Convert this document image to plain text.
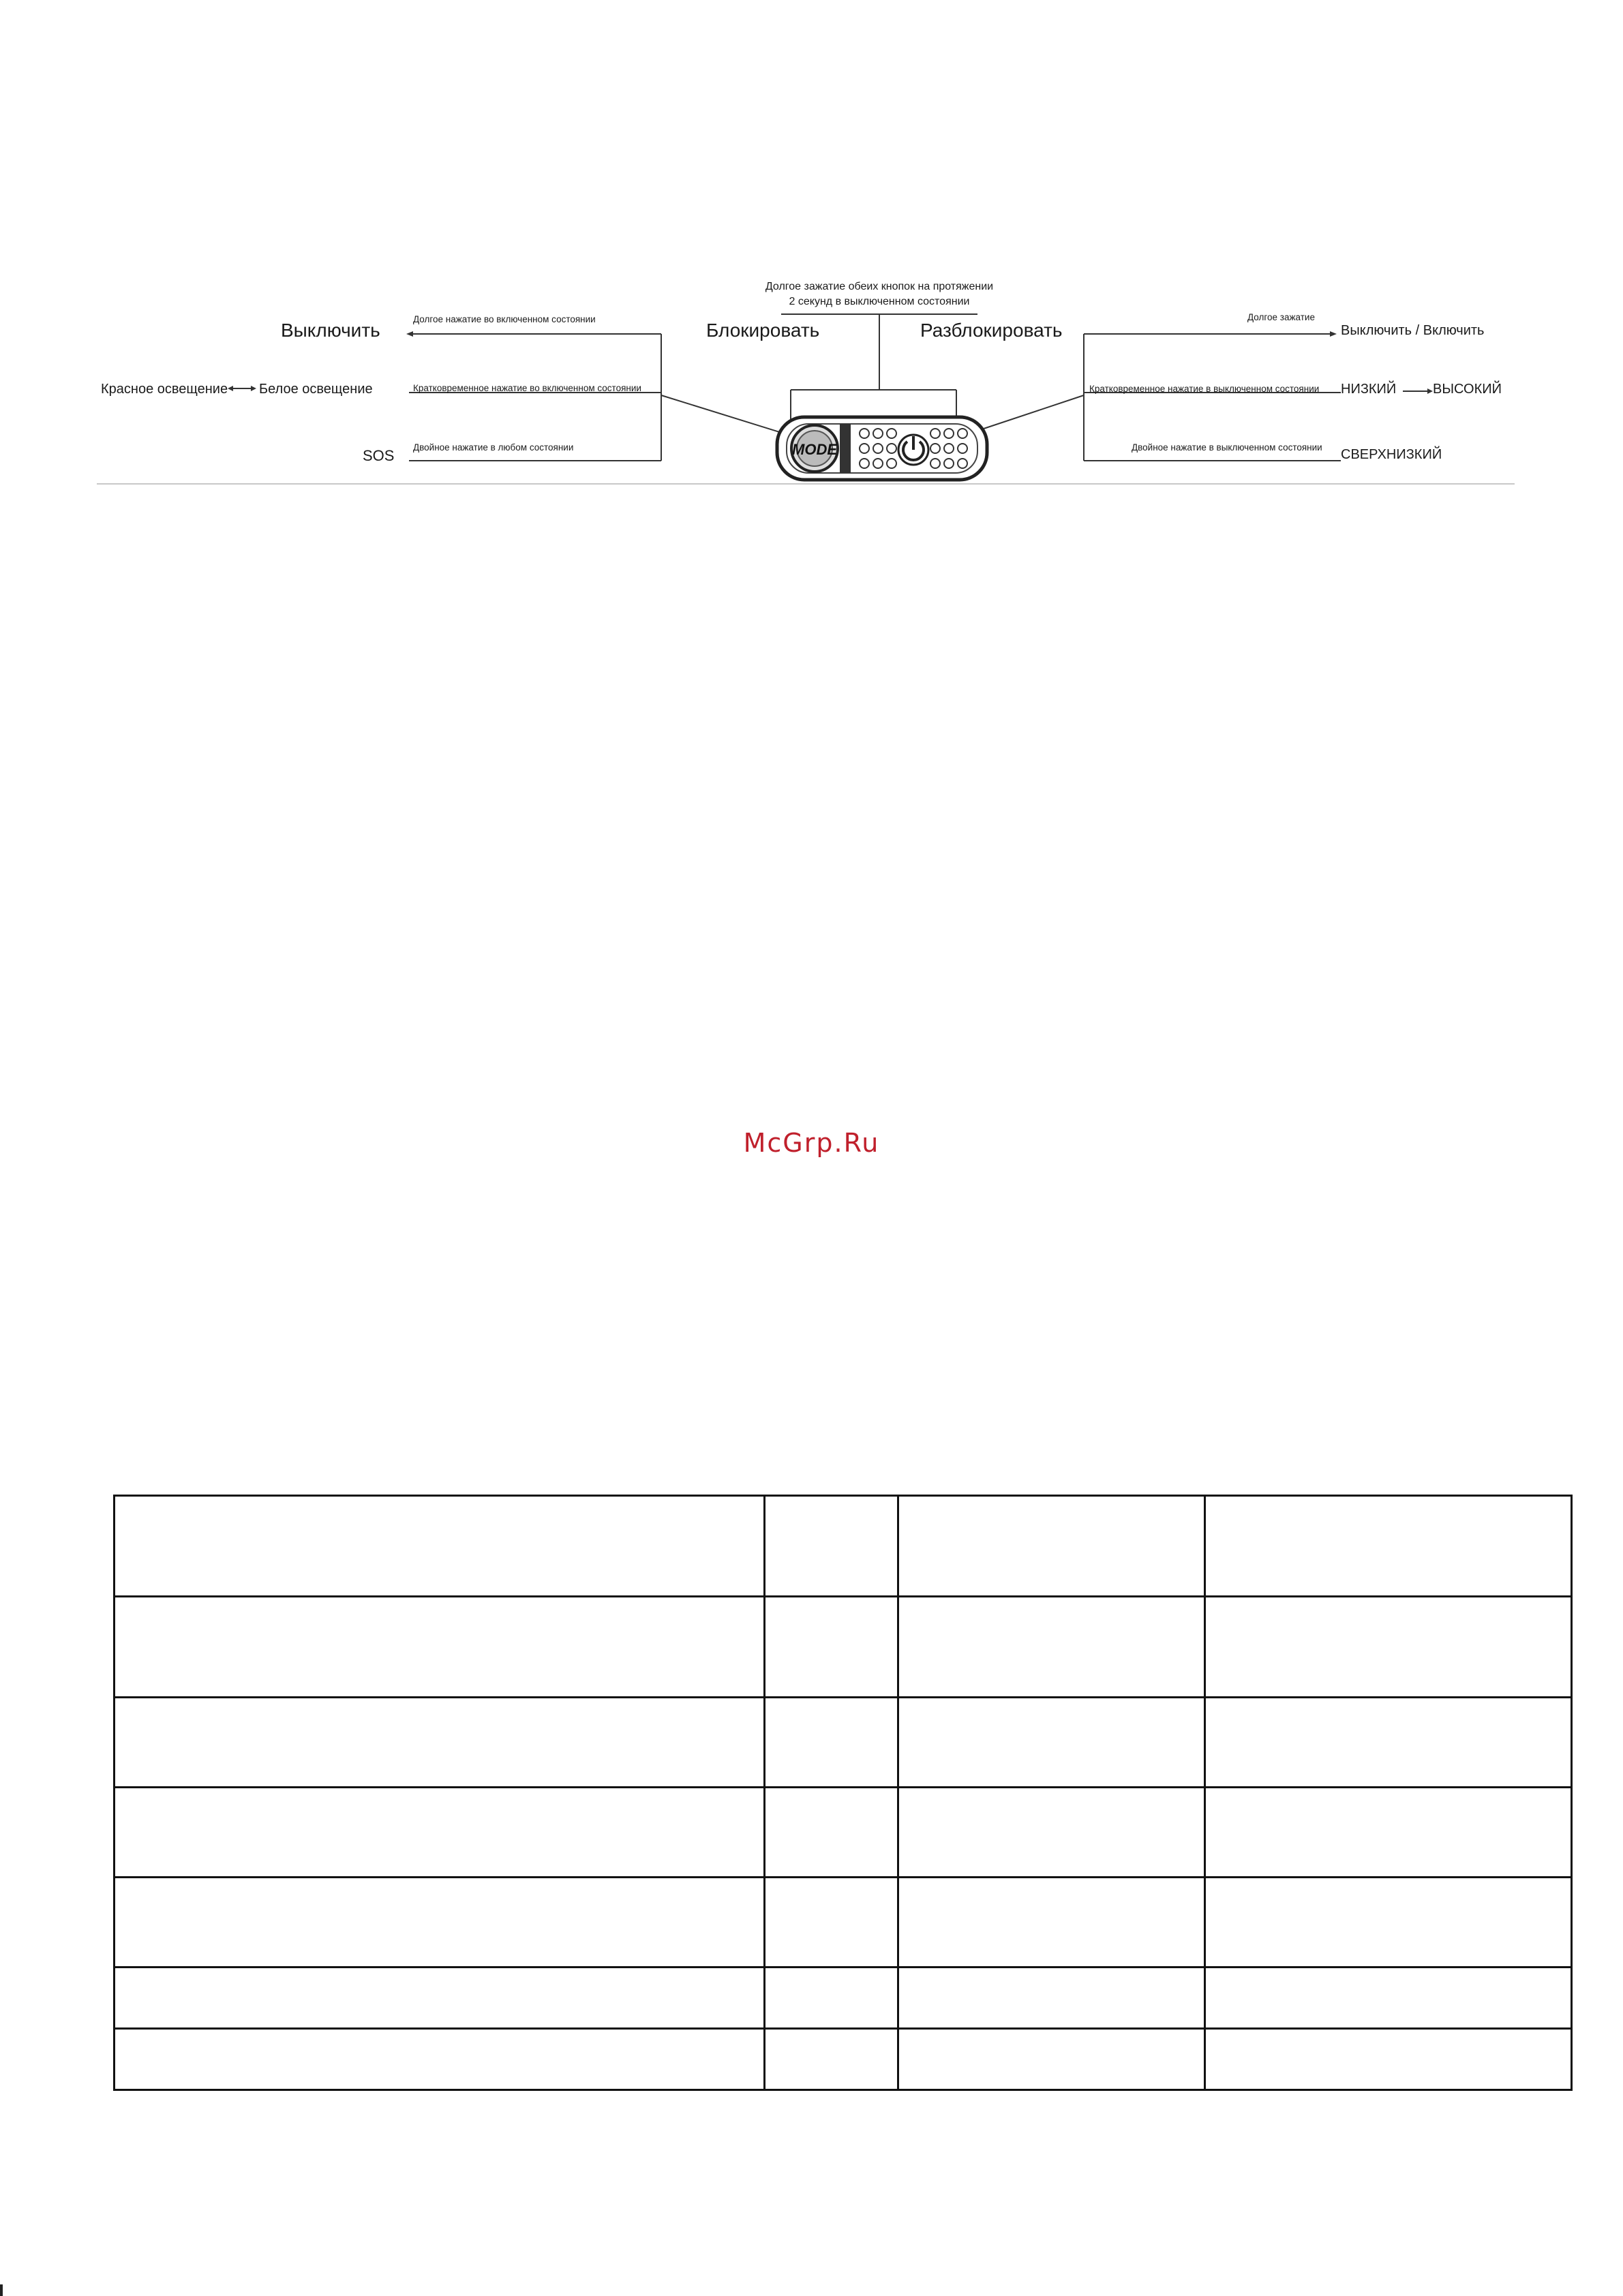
MODE
Долгое зажатие обеих кнопок на протяжении
2 секунд в выключенном состоянии
Блокировать	Разблокировать
Выключить
Долгое нажатие во включенном состоянии
Кратковременное нажатие во включенном состоянии
Двойное нажатие в любом состоянии
Красное освещение Белое освещение
SOS
Долгое зажатие
Выключить / Включить
Кратковременное нажатие в выключенном состоянии НИЗКИЙ	ВЫСОКИЙ
Двойное нажатие в выключенном состоянии СВЕРХНИЗКИЙ
McGrp.Ru
